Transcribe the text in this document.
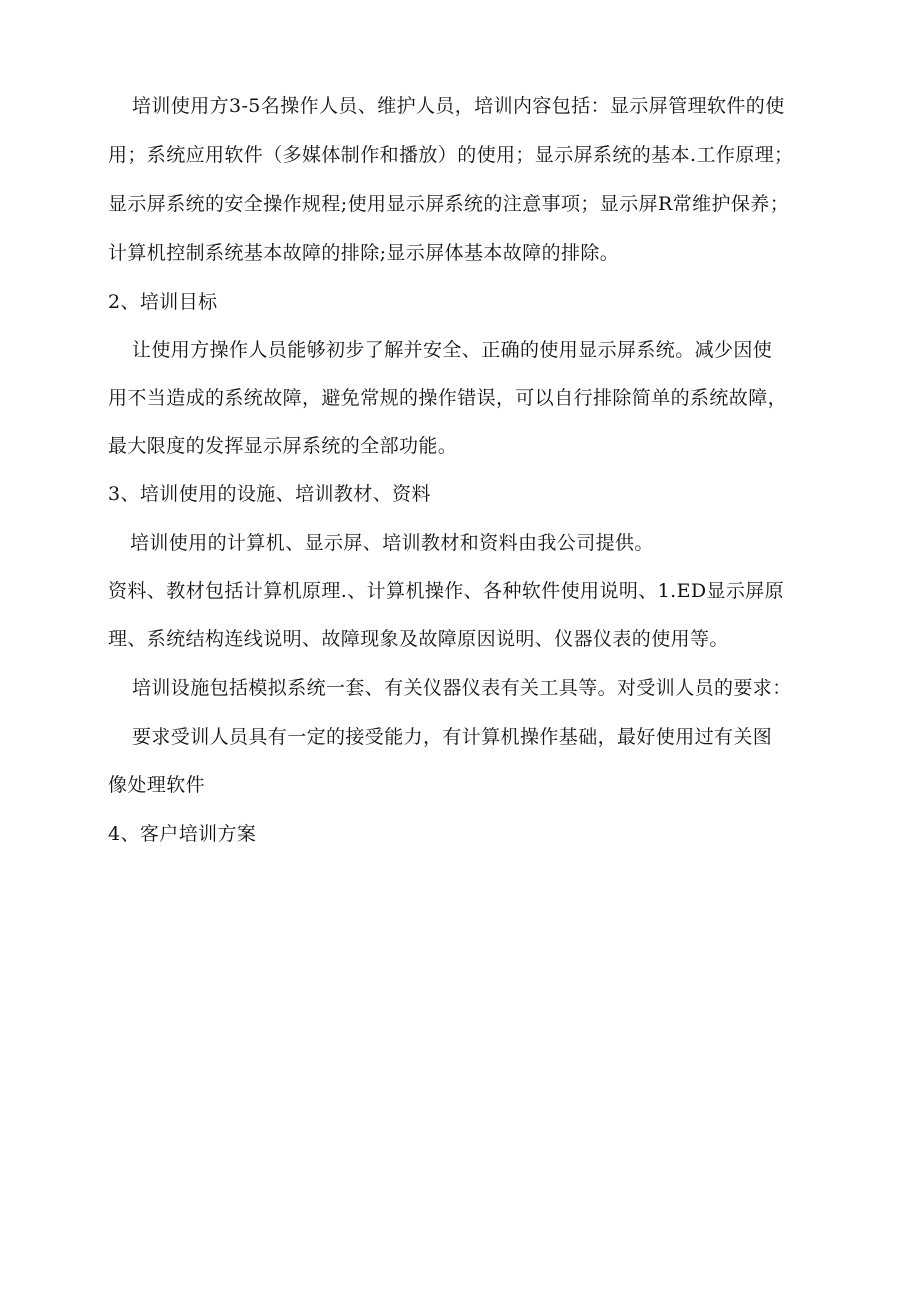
培训使用方3-5名操作人员、维护人员，培训内容包括：显示屏管理软件的使
用；系统应用软件（多媒体制作和播放）的使用；显示屏系统的基本.工作原理；
显示屏系统的安全操作规程;使用显示屏系统的注意事项；显示屏R常维护保养；
计算机控制系统基本故障的排除;显示屏体基本故障的排除。
2、培训目标
让使用方操作人员能够初步了解并安全、正确的使用显示屏系统。减少因使
用不当造成的系统故障，避免常规的操作错误，可以自行排除简单的系统故障，
最大限度的发挥显示屏系统的全部功能。
3、培训使用的设施、培训教材、资料
培训使用的计算机、显示屏、培训教材和资料由我公司提供。
资料、教材包括计算机原理.、计算机操作、各种软件使用说明、1.ED显示屏原
理、系统结构连线说明、故障现象及故障原因说明、仪器仪表的使用等。
培训设施包括模拟系统一套、有关仪器仪表有关工具等。对受训人员的要求：
要求受训人员具有一定的接受能力，有计算机操作基础，最好使用过有关图
像处理软件
4、客户培训方案
